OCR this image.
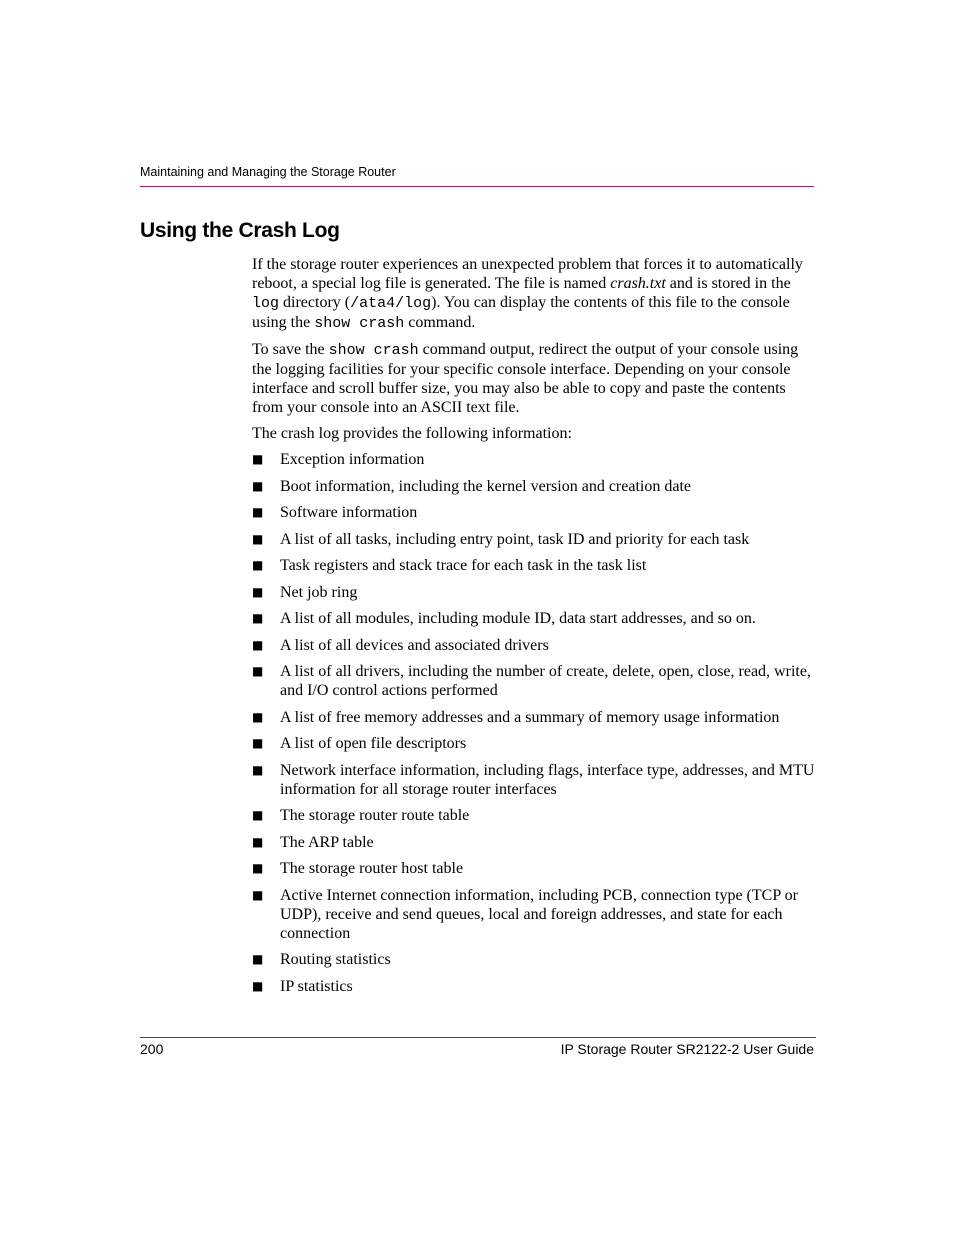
Maintaining and Managing the Storage Router
Using the Crash Log

If the storage router experiences an unexpected problem that forces it to automatically reboot, a special log file is generated. The file is named crash.txt and is stored in the log directory (/ata4/log). You can display the contents of this file to the console using the show crash command.

To save the show crash command output, redirect the output of your console using the logging facilities for your specific console interface. Depending on your console interface and scroll buffer size, you may also be able to copy and paste the contents from your console into an ASCII text file.

The crash log provides the following information:

■ Exception information
■ Boot information, including the kernel version and creation date
■ Software information
■ A list of all tasks, including entry point, task ID and priority for each task
■ Task registers and stack trace for each task in the task list
■ Net job ring
■ A list of all modules, including module ID, data start addresses, and so on.
■ A list of all devices and associated drivers
■ A list of all drivers, including the number of create, delete, open, close, read, write, and I/O control actions performed
■ A list of free memory addresses and a summary of memory usage information
■ A list of open file descriptors
■ Network interface information, including flags, interface type, addresses, and MTU information for all storage router interfaces
■ The storage router route table
■ The ARP table
■ The storage router host table
■ Active Internet connection information, including PCB, connection type (TCP or UDP), receive and send queues, local and foreign addresses, and state for each connection
■ Routing statistics
■ IP statistics
200	IP Storage Router SR2122-2 User Guide
